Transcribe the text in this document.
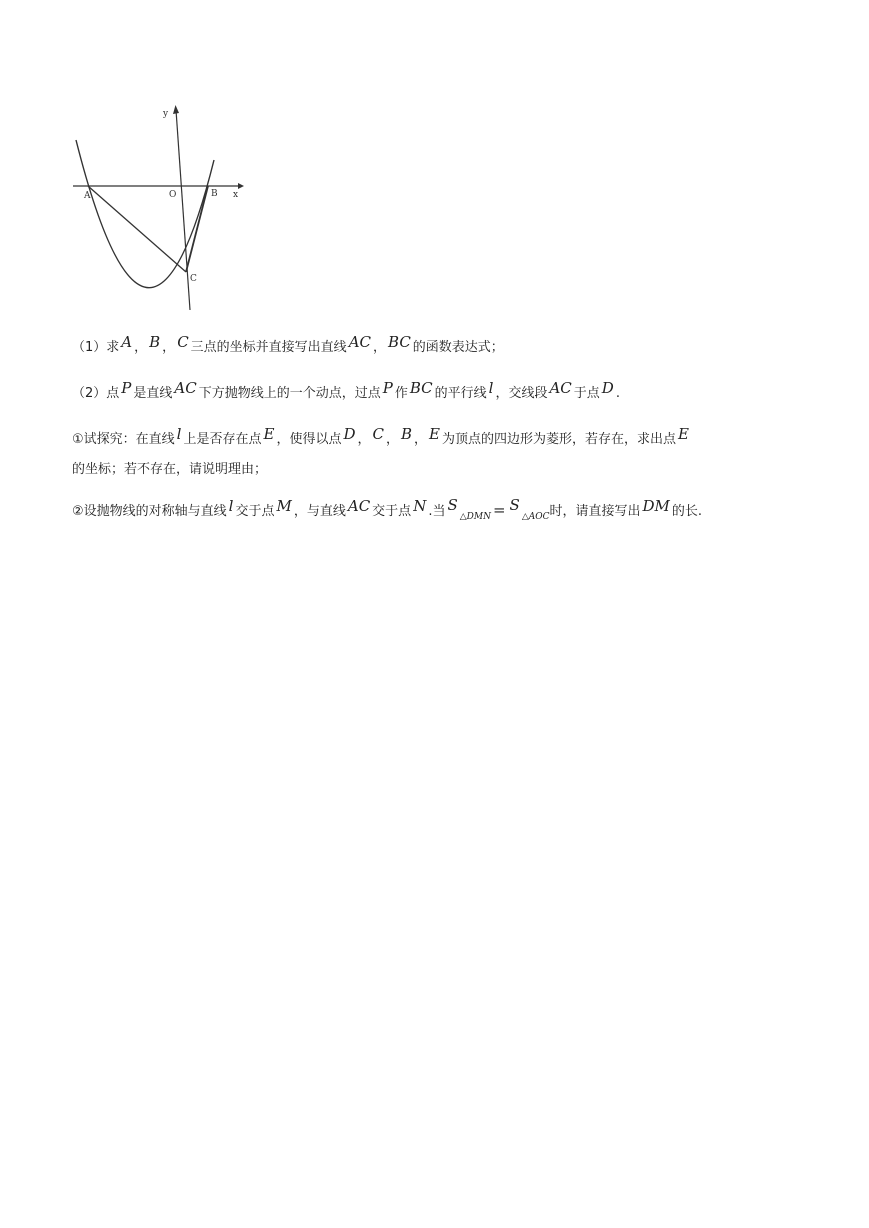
y
x
O
A	B
C
（1）求 A ， B ， C 三点的坐标并直接写出直线 AC ， BC 的函数表达式；
（2）点 P 是直线 AC 下方抛物线上的一个动点，过点 P 作 BC 的平行线 l ，交线段 AC 于点 D .
①试探究：在直线 l 上是否存在点 E ，使得以点 D ， C ， B ， E 为顶点的四边形为菱形，若存在，求出点 E
的坐标；若不存在，请说明理由；
②设抛物线的对称轴与直线 l 交于点 M ，与直线 AC 交于点 N .当 $S_{\triangle DMN} = S_{\triangle AOC}$时，请直接写出 DM 的长.
